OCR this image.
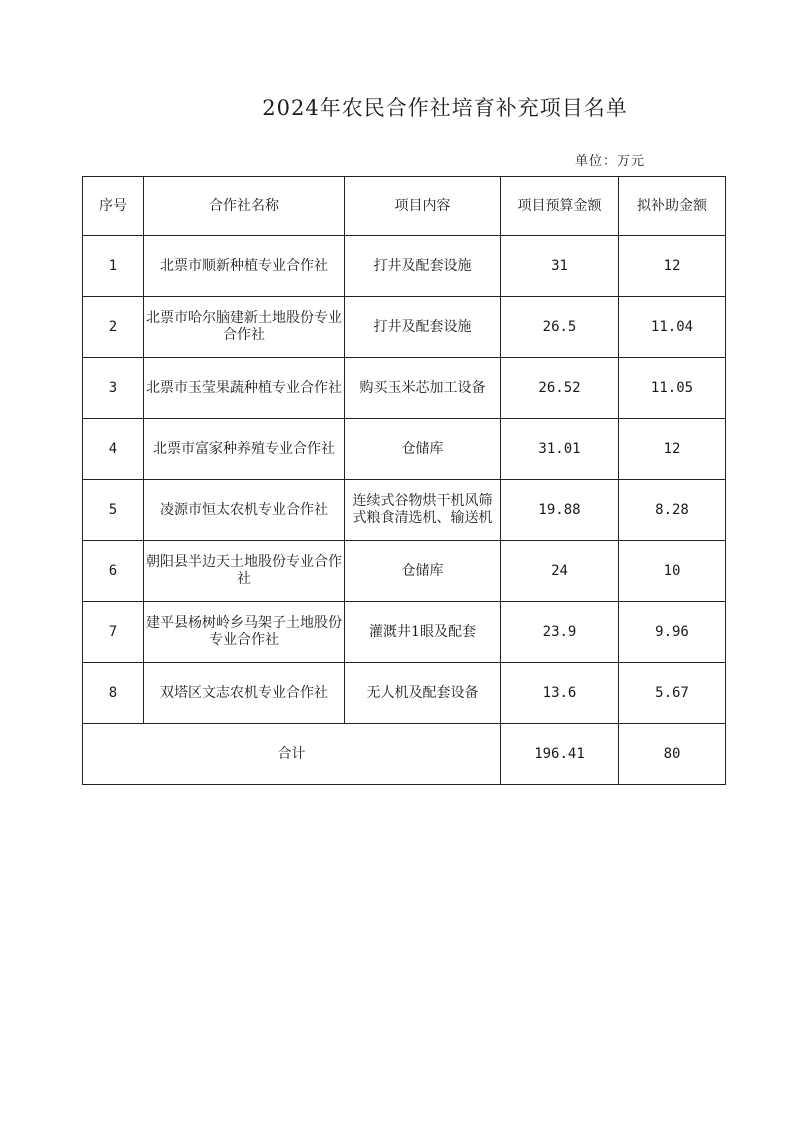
2024年农民合作社培育补充项目名单
单位：万元
序号	合作社名称	项目内容	项目预算金额	拟补助金额
1	北票市顺新种植专业合作社	打井及配套设施	31	12
2	北票市哈尔脑建新土地股份专业合作社	打井及配套设施	26.5	11.04
3	北票市玉莹果蔬种植专业合作社	购买玉米芯加工设备	26.52	11.05
4	北票市富家种养殖专业合作社	仓储库	31.01	12
5	凌源市恒太农机专业合作社	连续式谷物烘干机风筛式粮食清选机、输送机	19.88	8.28
6	朝阳县半边天土地股份专业合作社	仓储库	24	10
7	建平县杨树岭乡马架子土地股份专业合作社	灌溉井1眼及配套	23.9	9.96
8	双塔区文志农机专业合作社	无人机及配套设备	13.6	5.67
合计			196.41	80
